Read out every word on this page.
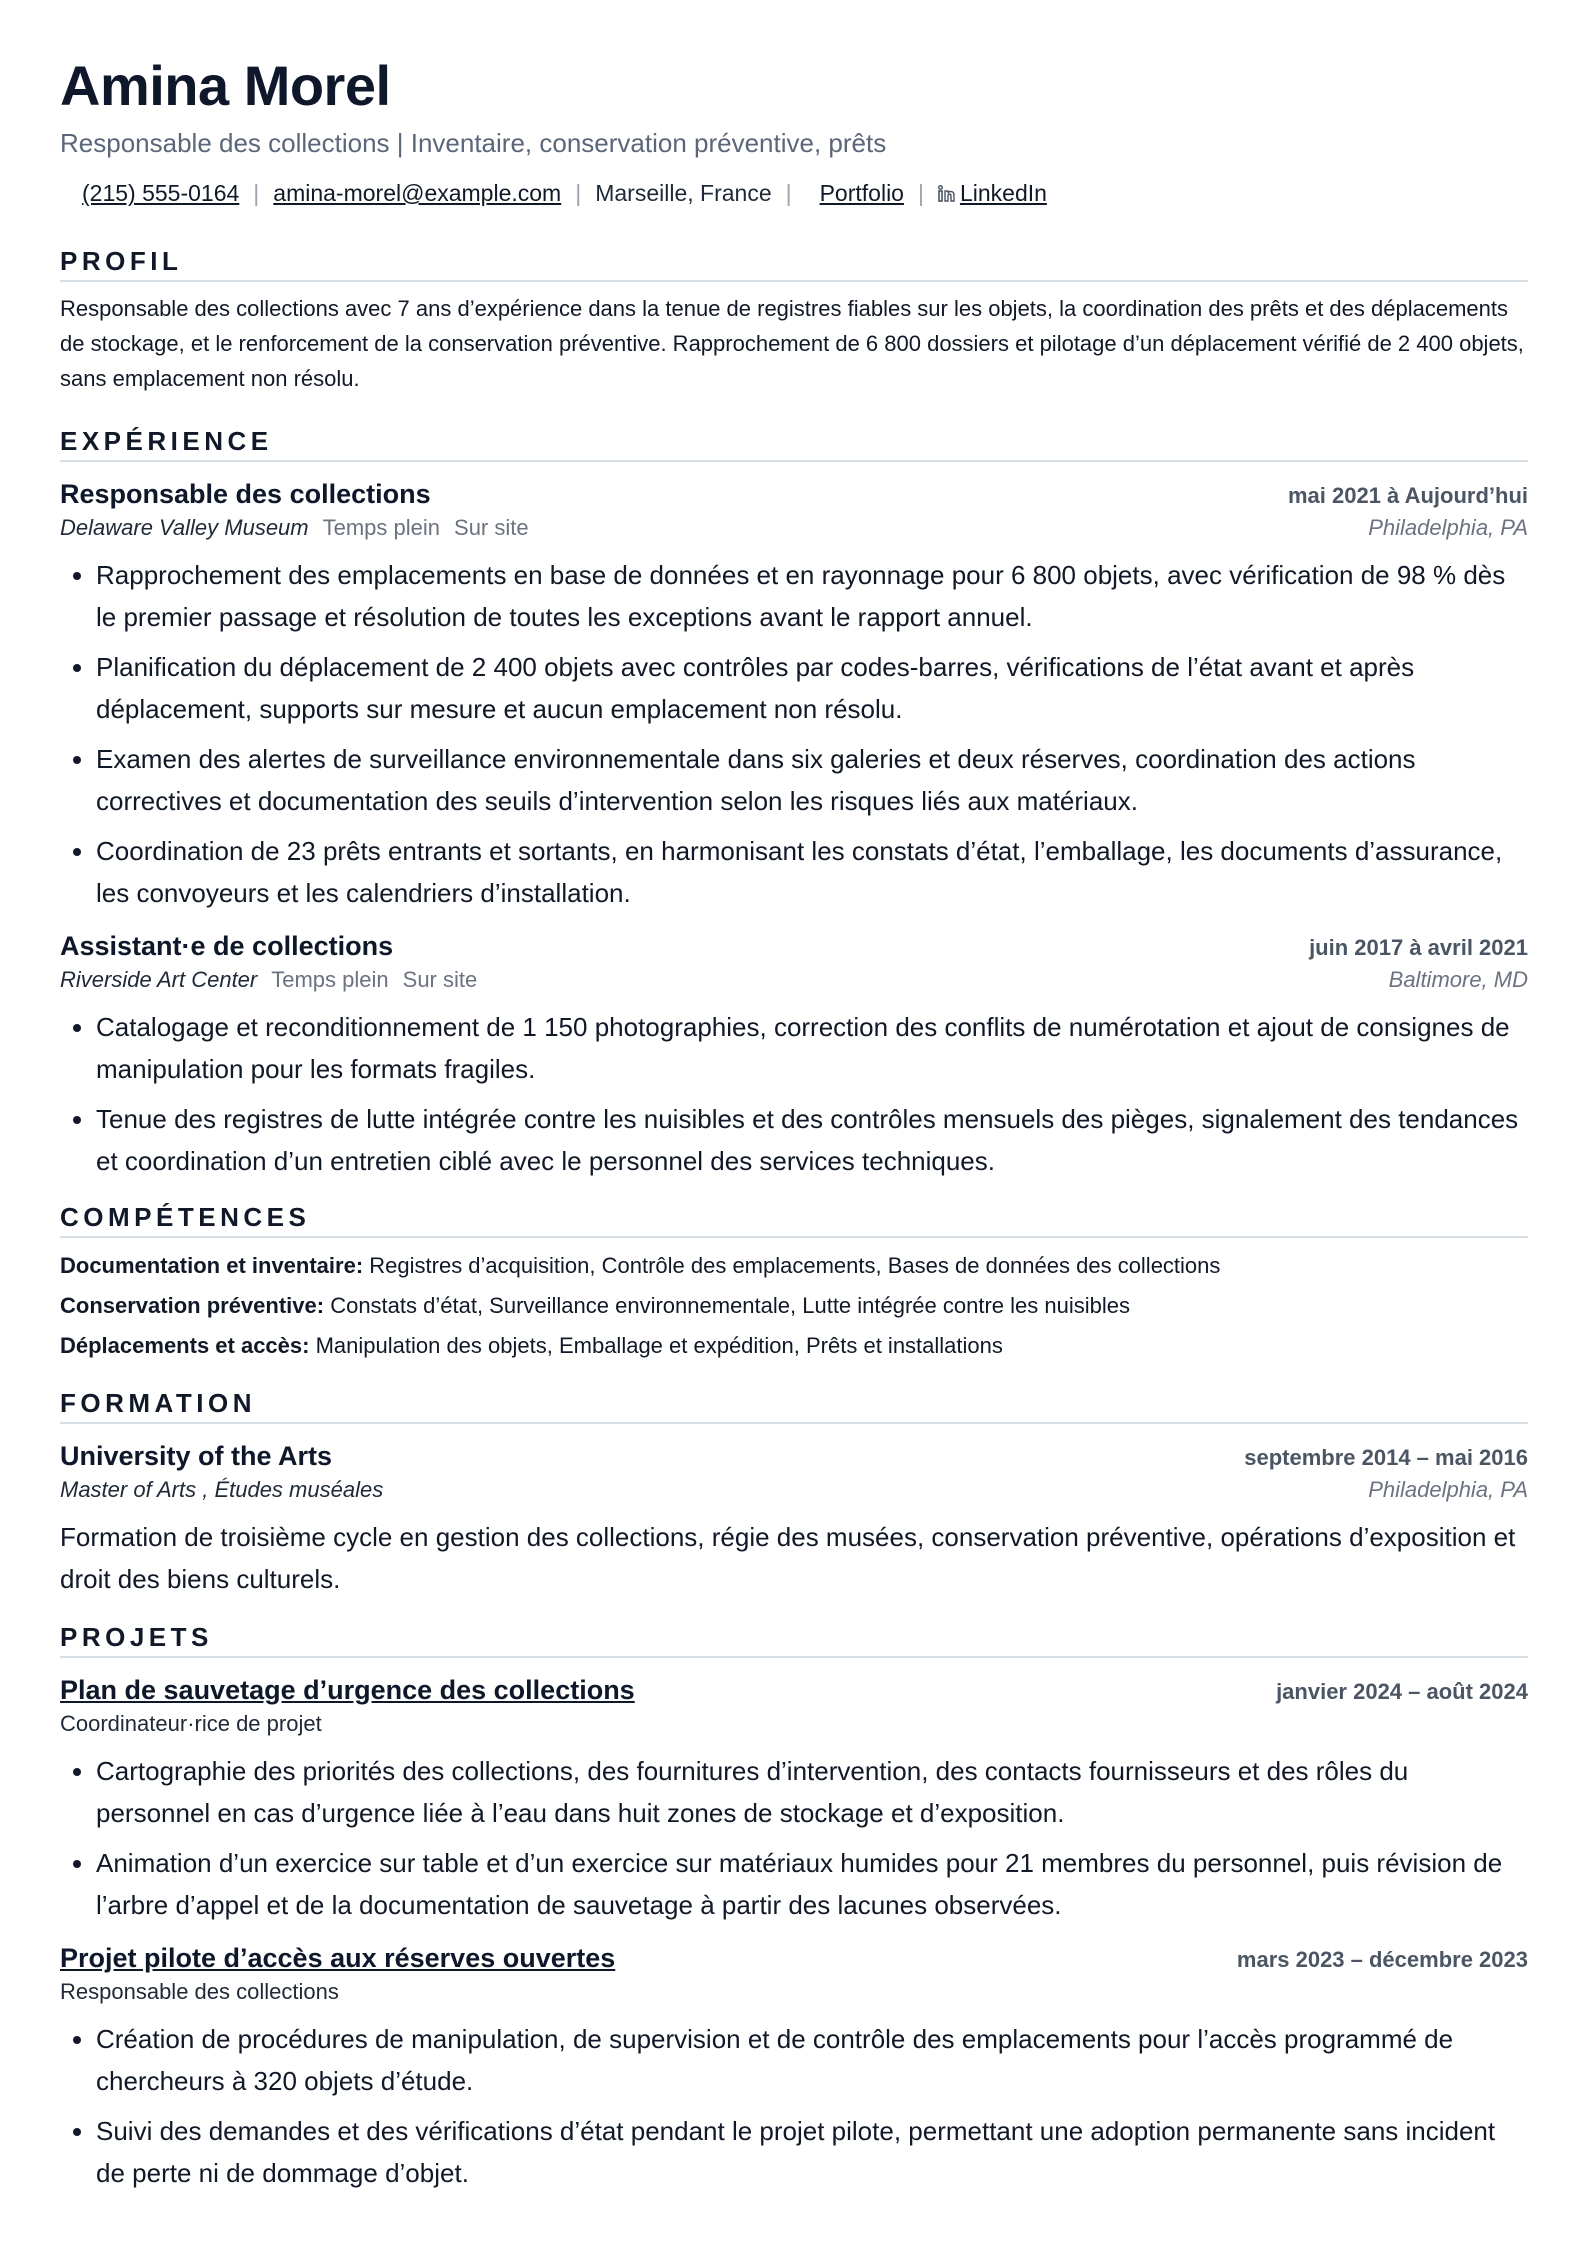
Amina Morel
Responsable des collections | Inventaire, conservation préventive, prêts
(215) 555-0164 | amina-morel@example.com | Marseille, France | Portfolio | LinkedIn
PROFIL
Responsable des collections avec 7 ans d’expérience dans la tenue de registres fiables sur les objets, la coordination des prêts et des déplacements de stockage, et le renforcement de la conservation préventive. Rapprochement de 6 800 dossiers et pilotage d’un déplacement vérifié de 2 400 objets, sans emplacement non résolu.
EXPÉRIENCE
Responsable des collections	mai 2021 à Aujourd’hui
Delaware Valley Museum Temps plein Sur site	Philadelphia, PA
• Rapprochement des emplacements en base de données et en rayonnage pour 6 800 objets, avec vérification de 98 % dès le premier passage et résolution de toutes les exceptions avant le rapport annuel.
• Planification du déplacement de 2 400 objets avec contrôles par codes-barres, vérifications de l’état avant et après déplacement, supports sur mesure et aucun emplacement non résolu.
• Examen des alertes de surveillance environnementale dans six galeries et deux réserves, coordination des actions correctives et documentation des seuils d’intervention selon les risques liés aux matériaux.
• Coordination de 23 prêts entrants et sortants, en harmonisant les constats d’état, l’emballage, les documents d’assurance, les convoyeurs et les calendriers d’installation.
Assistant·e de collections	juin 2017 à avril 2021
Riverside Art Center Temps plein Sur site	Baltimore, MD
• Catalogage et reconditionnement de 1 150 photographies, correction des conflits de numérotation et ajout de consignes de manipulation pour les formats fragiles.
• Tenue des registres de lutte intégrée contre les nuisibles et des contrôles mensuels des pièges, signalement des tendances et coordination d’un entretien ciblé avec le personnel des services techniques.
COMPÉTENCES
Documentation et inventaire: Registres d’acquisition, Contrôle des emplacements, Bases de données des collections
Conservation préventive: Constats d’état, Surveillance environnementale, Lutte intégrée contre les nuisibles
Déplacements et accès: Manipulation des objets, Emballage et expédition, Prêts et installations
FORMATION
University of the Arts	septembre 2014 – mai 2016
Master of Arts , Études muséales	Philadelphia, PA
Formation de troisième cycle en gestion des collections, régie des musées, conservation préventive, opérations d’exposition et droit des biens culturels.
PROJETS
Plan de sauvetage d’urgence des collections	janvier 2024 – août 2024
Coordinateur·rice de projet
• Cartographie des priorités des collections, des fournitures d’intervention, des contacts fournisseurs et des rôles du personnel en cas d’urgence liée à l’eau dans huit zones de stockage et d’exposition.
• Animation d’un exercice sur table et d’un exercice sur matériaux humides pour 21 membres du personnel, puis révision de l’arbre d’appel et de la documentation de sauvetage à partir des lacunes observées.
Projet pilote d’accès aux réserves ouvertes	mars 2023 – décembre 2023
Responsable des collections
• Création de procédures de manipulation, de supervision et de contrôle des emplacements pour l’accès programmé de chercheurs à 320 objets d’étude.
• Suivi des demandes et des vérifications d’état pendant le projet pilote, permettant une adoption permanente sans incident de perte ni de dommage d’objet.
